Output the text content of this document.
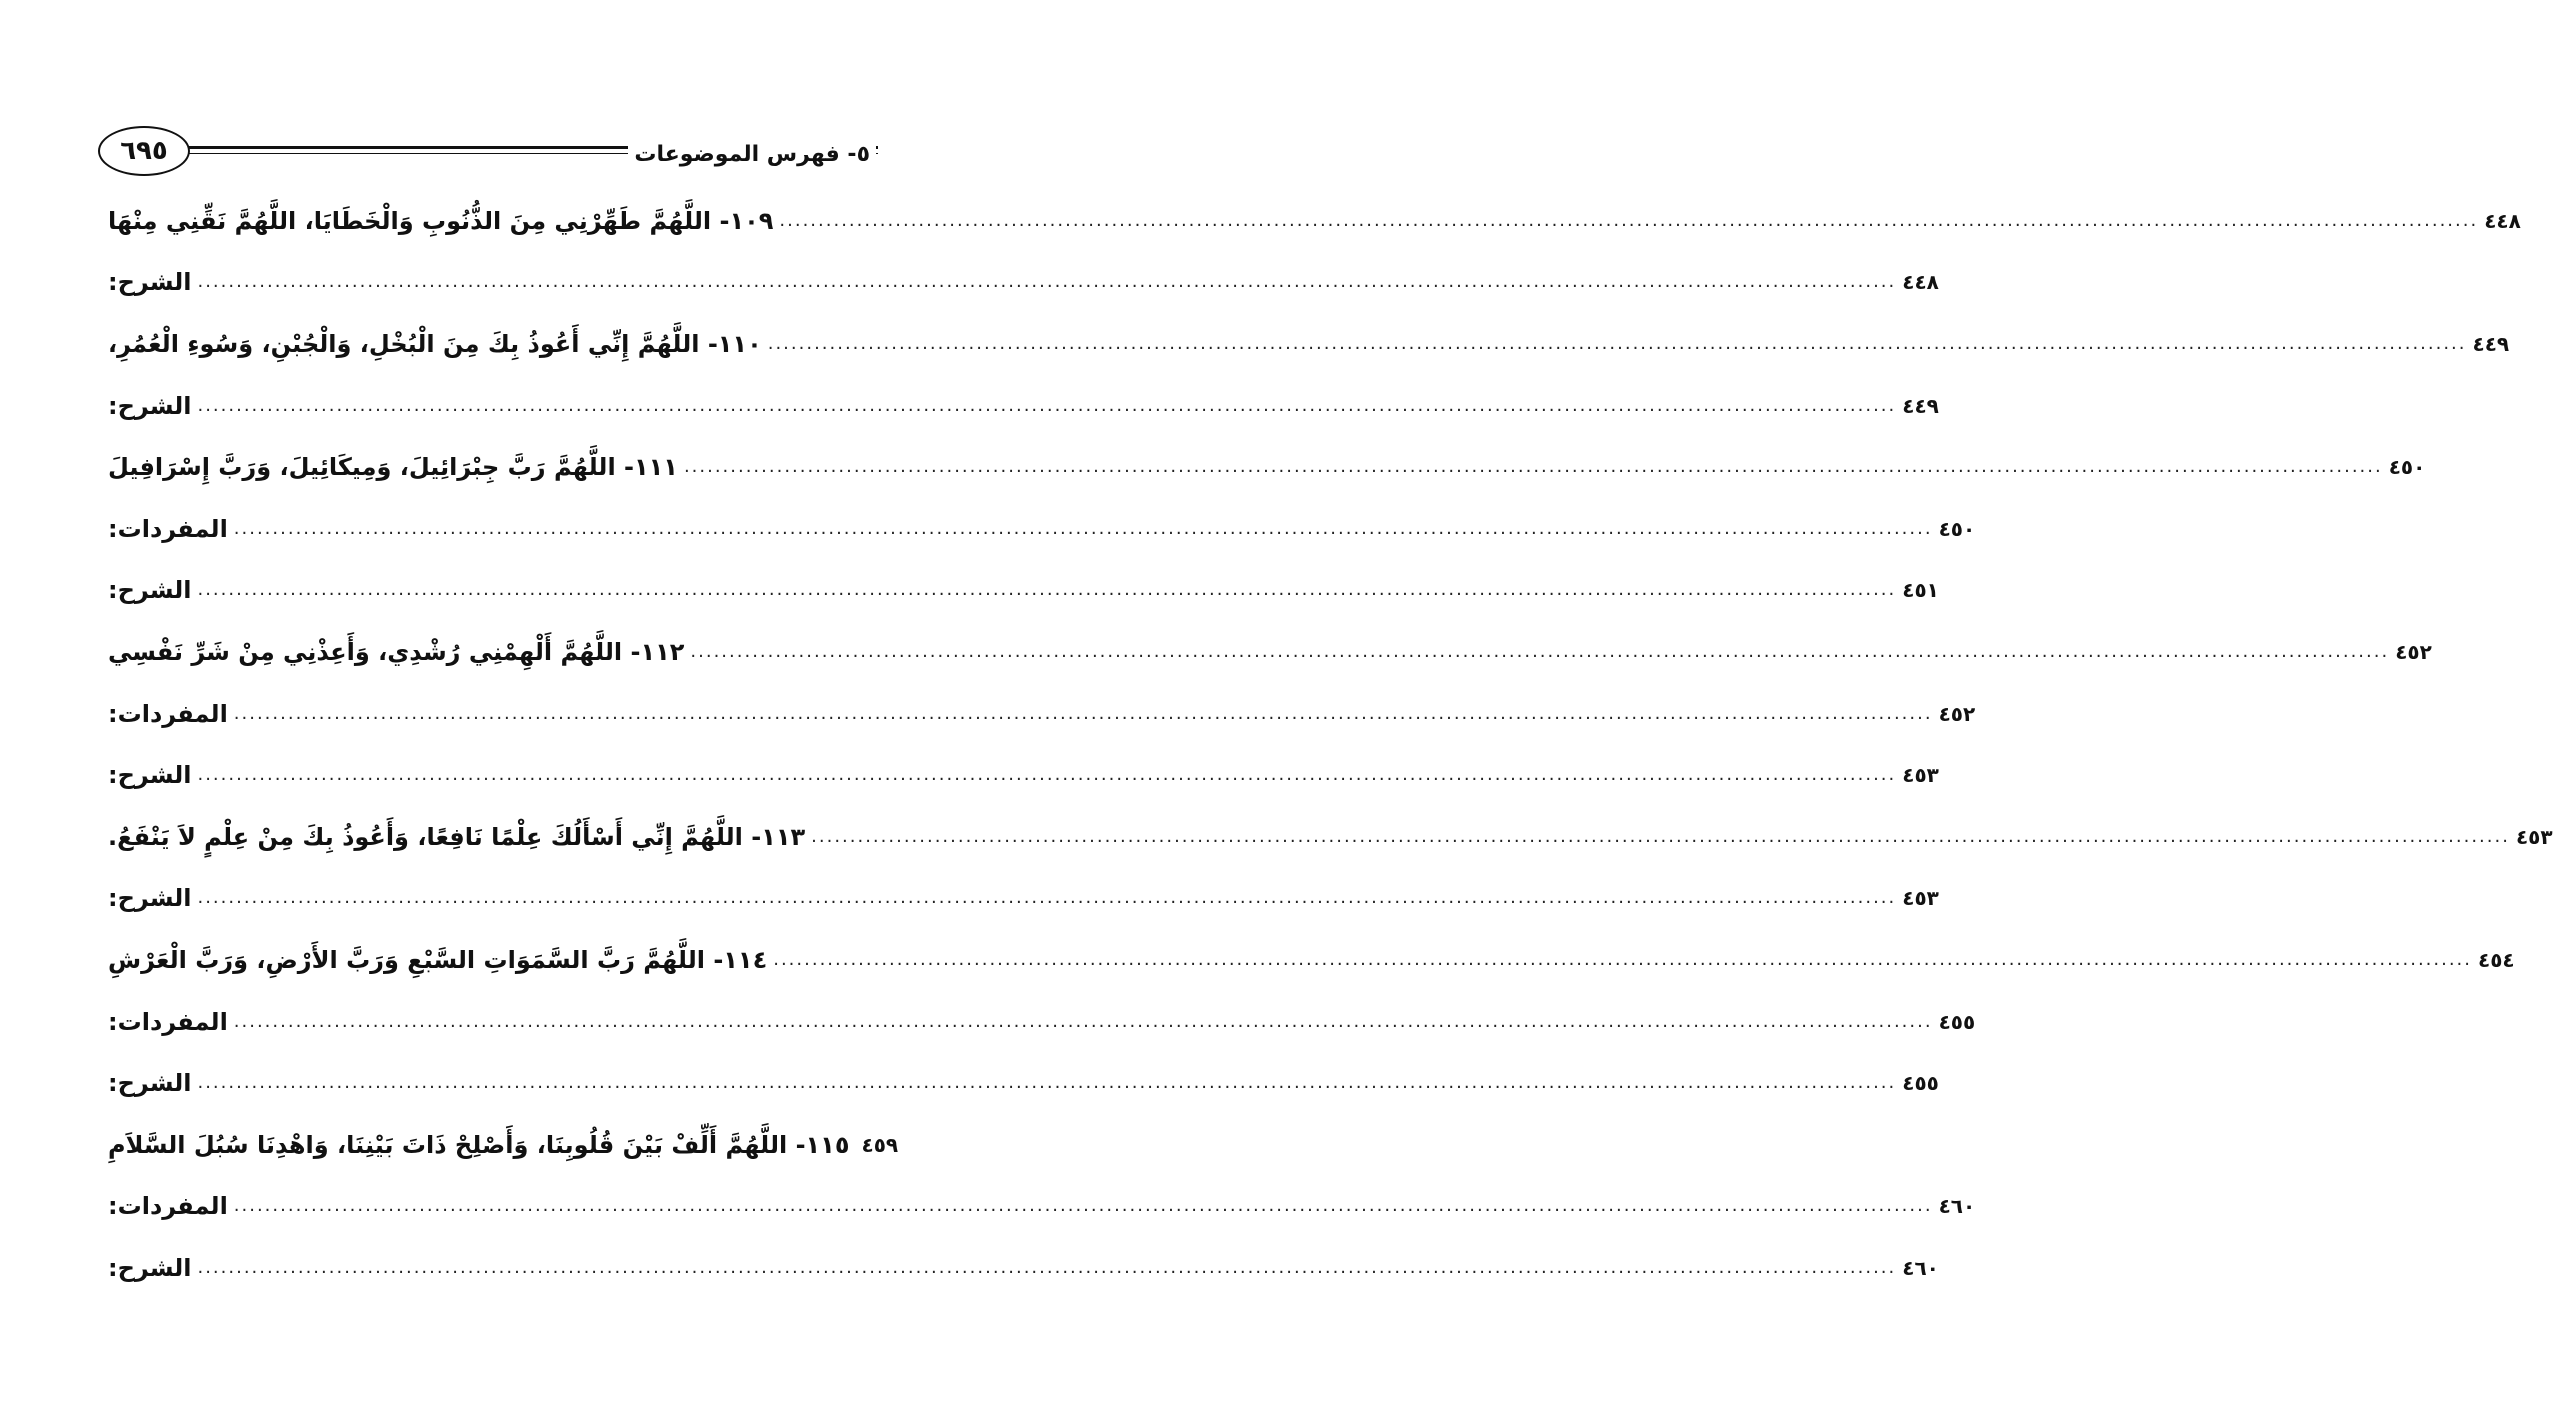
٦٩٥	٥- فهرس الموضوعات
١٠٩- اللَّهُمَّ طَهِّرْنِي مِنَ الذُّنُوبِ وَالْخَطَايَا، اللَّهُمَّ نَقِّنِي مِنْهَا ............................................................................................................................................................................................................................ ٤٤٨
الشرح: ............................................................................................................................................................................................................................ ٤٤٨
١١٠- اللَّهُمَّ إِنِّي أَعُوذُ بِكَ مِنَ الْبُخْلِ، وَالْجُبْنِ، وَسُوءِ الْعُمُرِ، ............................................................................................................................................................................................................................ ٤٤٩
الشرح: ............................................................................................................................................................................................................................ ٤٤٩
١١١- اللَّهُمَّ رَبَّ جِبْرَائِيلَ، وَمِيكَائِيلَ، وَرَبَّ إِسْرَافِيلَ ............................................................................................................................................................................................................................ ٤٥٠
المفردات: ............................................................................................................................................................................................................................ ٤٥٠
الشرح: ............................................................................................................................................................................................................................ ٤٥١
١١٢- اللَّهُمَّ أَلْهِمْنِي رُشْدِي، وَأَعِذْنِي مِنْ شَرِّ نَفْسِي ............................................................................................................................................................................................................................ ٤٥٢
المفردات: ............................................................................................................................................................................................................................ ٤٥٢
الشرح: ............................................................................................................................................................................................................................ ٤٥٣
١١٣- اللَّهُمَّ إِنِّي أَسْأَلُكَ عِلْمًا نَافِعًا، وَأَعُوذُ بِكَ مِنْ عِلْمٍ لاَ يَنْفَعُ. ............................................................................................................................................................................................................................ ٤٥٣
الشرح: ............................................................................................................................................................................................................................ ٤٥٣
١١٤- اللَّهُمَّ رَبَّ السَّمَوَاتِ السَّبْعِ وَرَبَّ الأَرْضِ، وَرَبَّ الْعَرْشِ ............................................................................................................................................................................................................................ ٤٥٤
المفردات: ............................................................................................................................................................................................................................ ٤٥٥
الشرح: ............................................................................................................................................................................................................................ ٤٥٥
١١٥- اللَّهُمَّ أَلِّفْ بَيْنَ قُلُوبِنَا، وَأَصْلِحْ ذَاتَ بَيْنِنَا، وَاهْدِنَا سُبُلَ السَّلاَمِ ٤٥٩
المفردات: ............................................................................................................................................................................................................................ ٤٦٠
الشرح: ............................................................................................................................................................................................................................ ٤٦٠
